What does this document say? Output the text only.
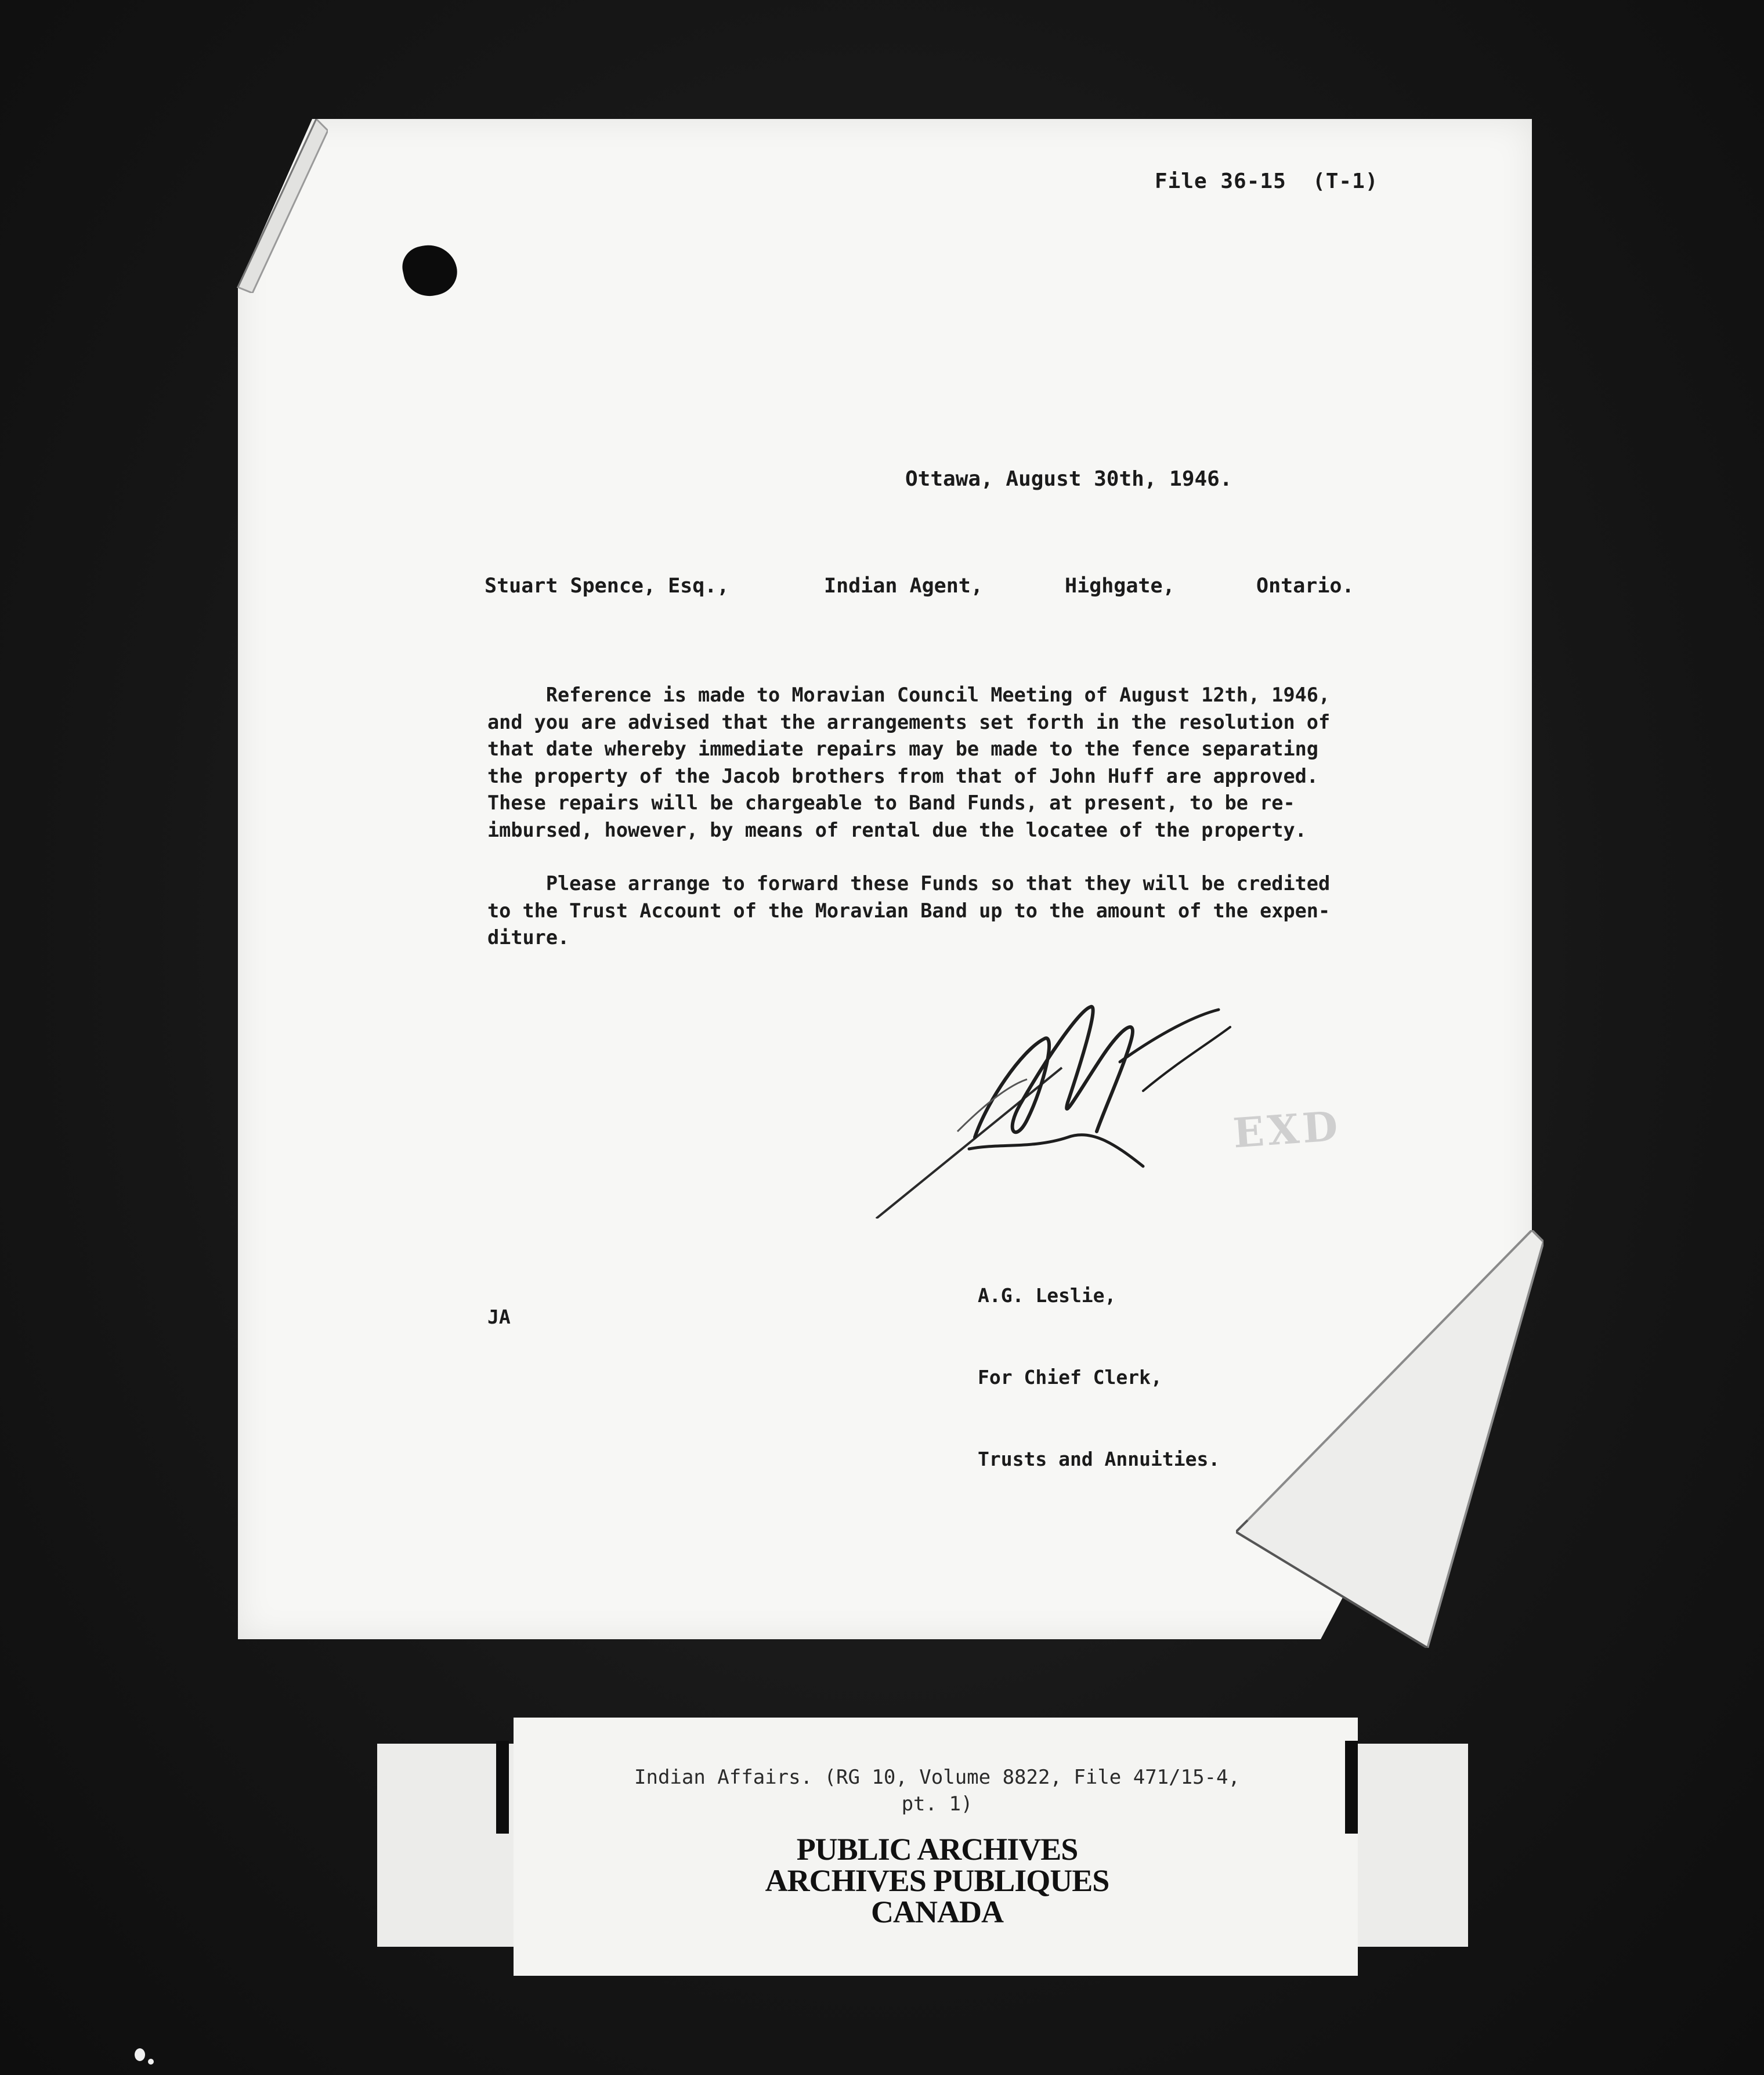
File 36-15  (T-1)
Ottawa, August 30th, 1946.

Stuart Spence, Esq.,

	Indian Agent,

	Highgate,

	Ontario.

Reference is made to Moravian Council Meeting of August 12th, 1946,
and you are advised that the arrangements set forth in the resolution of
that date whereby immediate repairs may be made to the fence separating
the property of the Jacob brothers from that of John Huff are approved.
These repairs will be chargeable to Band Funds, at present, to be re-
imbursed, however, by means of rental due the locatee of the property.
Please arrange to forward these Funds so that they will be credited
to the Trust Account of the Moravian Band up to the amount of the expen-
diture.
EXD

A.G. Leslie,

For Chief Clerk,

Trusts and Annuities.

JA
Indian Affairs. (RG 10, Volume 8822, File 471/15-4,
pt. 1)
PUBLIC ARCHIVES
ARCHIVES PUBLIQUES
CANADA
